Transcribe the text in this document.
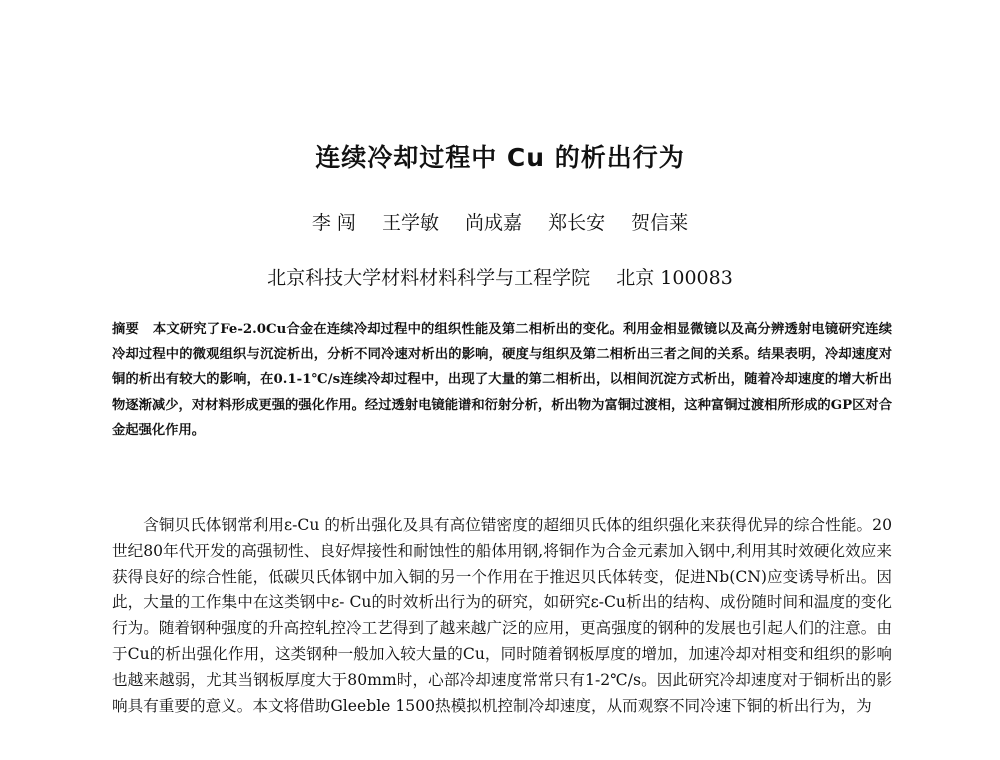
连续冷却过程中 Cu 的析出行为
李 闯 王学敏 尚成嘉 郑长安 贺信莱
北京科技大学材料材料科学与工程学院 北京 100083
摘要 本文研究了Fe-2.0Cu合金在连续冷却过程中的组织性能及第二相析出的变化。利用金相显微镜以及高分辨透射电镜研究连续冷却过程中的微观组织与沉淀析出，分析不同冷速对析出的影响，硬度与组织及第二相析出三者之间的关系。结果表明，冷却速度对铜的析出有较大的影响，在0.1-1℃/s连续冷却过程中，出现了大量的第二相析出，以相间沉淀方式析出，随着冷却速度的增大析出物逐渐减少，对材料形成更强的强化作用。经过透射电镜能谱和衍射分析，析出物为富铜过渡相，这种富铜过渡相所形成的GP区对合金起强化作用。

含铜贝氏体钢常利用ε-Cu 的析出强化及具有高位错密度的超细贝氏体的组织强化来获得优异的综合性能。20世纪80年代开发的高强韧性、良好焊接性和耐蚀性的船体用钢,将铜作为合金元素加入钢中,利用其时效硬化效应来获得良好的综合性能，低碳贝氏体钢中加入铜的另一个作用在于推迟贝氏体转变，促进Nb(CN)应变诱导析出。因此，大量的工作集中在这类钢中ε- Cu的时效析出行为的研究，如研究ε-Cu析出的结构、成份随时间和温度的变化行为。随着钢种强度的升高控轧控冷工艺得到了越来越广泛的应用，更高强度的钢种的发展也引起人们的注意。由于Cu的析出强化作用，这类钢种一般加入较大量的Cu，同时随着钢板厚度的增加，加速冷却对相变和组织的影响也越来越弱，尤其当钢板厚度大于80mm时，心部冷却速度常常只有1-2℃/s。因此研究冷却速度对于铜析出的影响具有重要的意义。本文将借助Gleeble 1500热模拟机控制冷却速度，从而观察不同冷速下铜的析出行为，为
